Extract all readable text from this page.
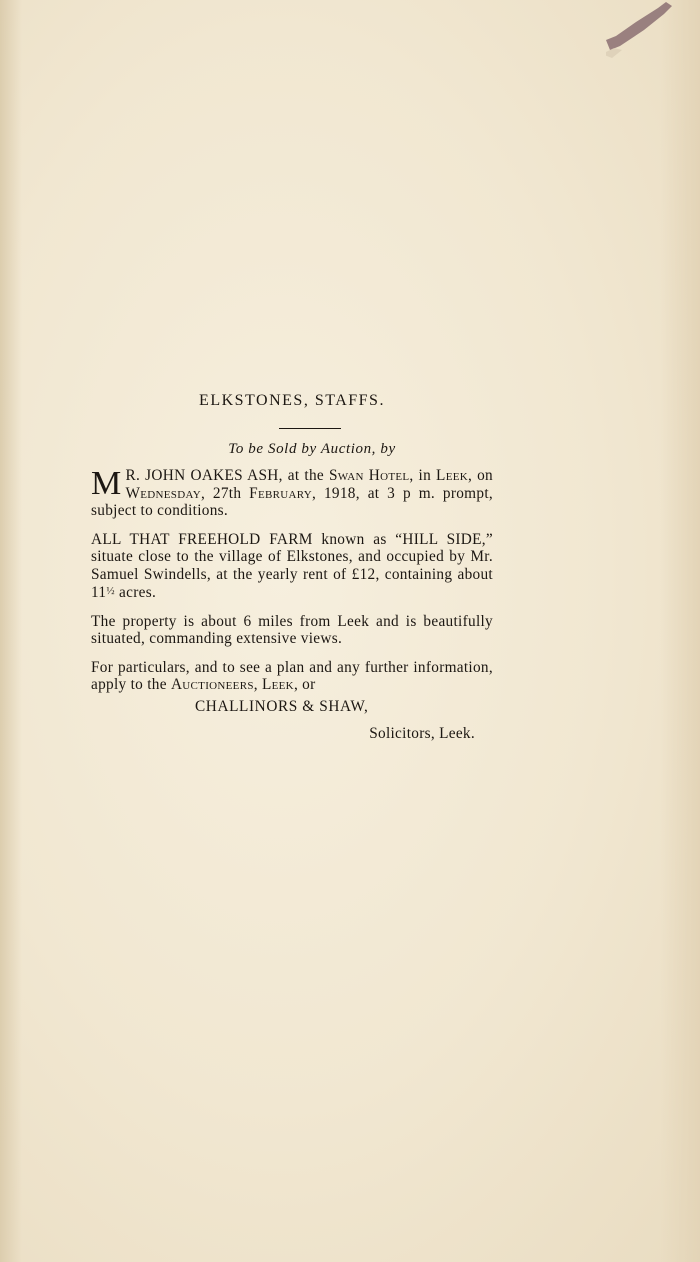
ELKSTONES, STAFFS.
To be Sold by Auction, by

M R. JOHN OAKES ASH, at the Swan Hotel, in Leek, on Wednesday, 27th February, 1918, at 3 p m. prompt, subject to conditions.

ALL THAT FREEHOLD FARM known as “HILL SIDE,” situate close to the village of Elkstones, and occupied by Mr. Samuel Swindells, at the yearly rent of £12, containing about 11½ acres.

The property is about 6 miles from Leek and is beautifully situated, commanding extensive views.

For particulars, and to see a plan and any further information, apply to the Auctioneers, Leek, or

CHALLINORS & SHAW,
Solicitors, Leek.
